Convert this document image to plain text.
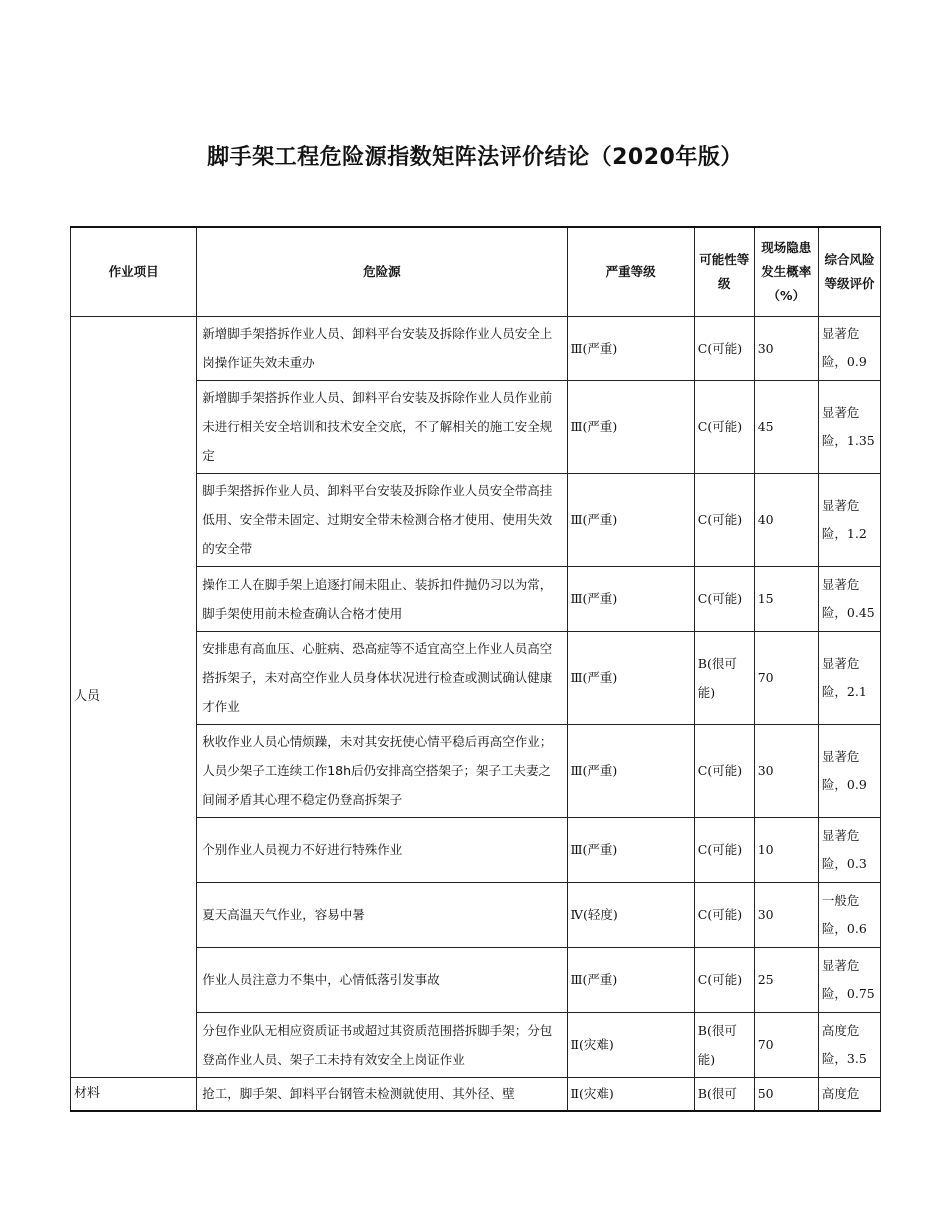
脚手架工程危险源指数矩阵法评价结论（2020年版）
作业项目	危险源	严重等级	可能性等级	现场隐患发生概率（%）	综合风险等级评价
人员	新增脚手架搭拆作业人员、卸料平台安装及拆除作业人员安全上岗操作证失效未重办	Ⅲ(严重)	C(可能)	30	显著危险，0.9
	新增脚手架搭拆作业人员、卸料平台安装及拆除作业人员作业前未进行相关安全培训和技术安全交底，不了解相关的施工安全规定	Ⅲ(严重)	C(可能)	45	显著危险，1.35
	脚手架搭拆作业人员、卸料平台安装及拆除作业人员安全带高挂低用、安全带未固定、过期安全带未检测合格才使用、使用失效的安全带	Ⅲ(严重)	C(可能)	40	显著危险，1.2
	操作工人在脚手架上追逐打闹未阻止、装拆扣件抛仍习以为常，脚手架使用前未检查确认合格才使用	Ⅲ(严重)	C(可能)	15	显著危险，0.45
	安排患有高血压、心脏病、恐高症等不适宜高空上作业人员高空搭拆架子，未对高空作业人员身体状况进行检查或测试确认健康才作业	Ⅲ(严重)	B(很可能)	70	显著危险，2.1
	秋收作业人员心情烦躁，未对其安抚使心情平稳后再高空作业；人员少架子工连续工作18h后仍安排高空搭架子；架子工夫妻之间闹矛盾其心理不稳定仍登高拆架子	Ⅲ(严重)	C(可能)	30	显著危险，0.9
	个别作业人员视力不好进行特殊作业	Ⅲ(严重)	C(可能)	10	显著危险，0.3
	夏天高温天气作业，容易中暑	Ⅳ(轻度)	C(可能)	30	一般危险，0.6
	作业人员注意力不集中，心情低落引发事故	Ⅲ(严重)	C(可能)	25	显著危险，0.75
	分包作业队无相应资质证书或超过其资质范围搭拆脚手架；分包登高作业人员、架子工未持有效安全上岗证作业	Ⅱ(灾难)	B(很可能)	70	高度危险，3.5
材料	抢工，脚手架、卸料平台钢管未检测就使用、其外径、壁	Ⅱ(灾难)	B(很可	50	高度危
